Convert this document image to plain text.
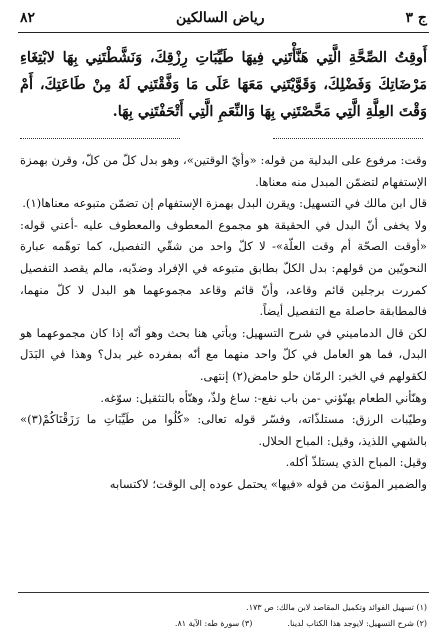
٨٢	رياض السالكين	ج ٣
أَوقِتُ الصِّحَّةِ الَّتِي هَنَّأْتَنِي فِيهَا طَيِّبَاتِ رِزْقِكَ، وَنَشَّطْتَنِي بِهَا لابْتِغَاءِ مَرْضَاتِكَ وَفَضْلِكَ، وَقَوَّيْتَنِي مَعَهَا عَلَى مَا وَفَّقْتَنِي لَهُ مِنْ طَاعَتِكَ، أَمْ وَقْتَ العِلَّةِ الَّتِي مَحَّصْتَنِي بِهَا وَالنِّعَمِ الَّتِي أَتْحَفْتَنِي بِهَا.

وقت: مرفوع على البدلية من قوله: «وأيّ الوقتين»، وهو بدل كلّ من كلّ، وقرن بهمزة الإستفهام لتضمّن المبدل منه معناها.

قال ابن مالك في التسهيل: ويقرن البدل بهمزة الإستفهام إن تضمّن متبوعه معناها(١).

ولا يخفى أنّ البدل في الحقيقة هو مجموع المعطوف والمعطوف عليه -أعني قوله: «أوقت الصحّة أم وقت العلّة»- لا كلّ واحد من شقّي التفصيل، كما توهّمه عبارة النحويّين من قولهم: بدل الكلّ بطابق متبوعه في الإفراد وضدّيه، مالم يقصد التفصيل كمررت برجلين قائم وقاعد، وأنّ قائم وقاعد مجموعهما هو البدل لا كلّ منهما، فالمطابقة حاصلة مع التفصيل أيضاً.

لكن قال الدماميني في شرح التسهيل: وبأتي هنا بحث وهو أنّه إذا كان مجموعهما هو البدل، فما هو العامل في كلّ واحد منهما مع أنّه بمفرده غير بدل؟ وهذا في البَدَل لكقولهم في الخبر: الرمّان حلو حامض(٢) إنتهى.

وهنّأني الطعام يهنّؤني -من باب نفع-: ساغ ولذّ، وهنّأه بالتثقيل: سوّغه.

وطيّبات الرزق: مستلذّاته، وفسّر قوله تعالى: «كُلُوا من طَيِّبَاتِ ما رَزَقْنَاكُمْ(٣)» بالشهي اللذيذ، وقيل: المباح الحلال.

وقيل: المباح الذي يستلذّ أكله.

والضمير المؤنث من قوله «فيها» يحتمل عوده إلى الوقت؛ لاكتسابه

(١) تسهيل الفوائد وتكميل المقاصد لابن مالك: ص ١٧٣.
(٢) شرح التسهيل: لايوجد هذا الكتاب لدينا.  (٣) سورة طه: الآية ٨١.
